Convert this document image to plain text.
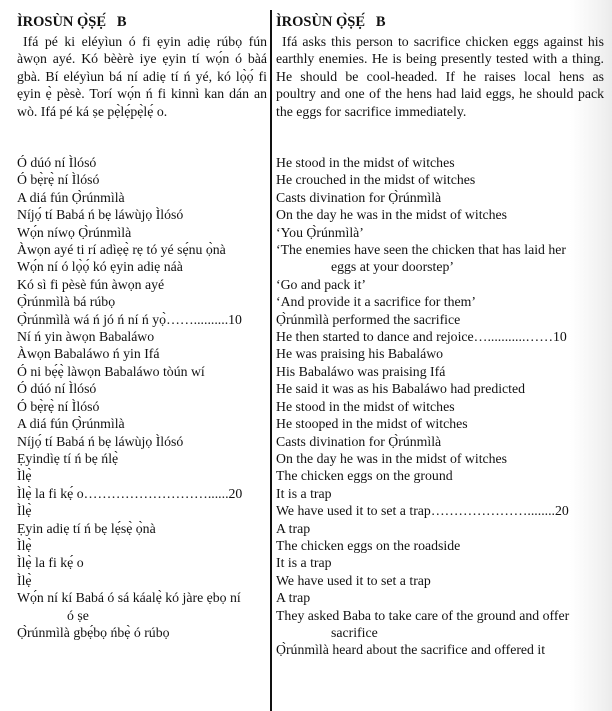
ÌROSÙN Ọ̀ṢẸ́   B
Ifá pé ki eléyìun ó fi ẹyin adiẹ rúbọ fún àwọn ayé. Kó bèèrè iye ẹyin tí wọ́n ó bàá gbà. Bí eléyìun bá ní adiẹ tí ń yé, kó lọ̀ọ́ fi ẹyin ẹ̀ pèsè. Torí wọ́n ń fi kinnì kan dán an wò. Ifá pé ká ṣe pẹ̀lẹ́pẹ̀lẹ́ o.
Ó dúó ní Ìlósó
Ó bẹ̀rẹ̀ ní Ìlósó
A diá fún Ọ̀rúnmìlà
Níjọ́ tí Babá ń bẹ láwùjọ Ìlósó
Wọ́n níwọ Ọ̀rúnmìlà
Àwọn ayé ti rí adìẹẹ̀ rẹ tó yé sẹ́nu ọ̀nà
Wọ́n ní ó lọ̀ọ́ kó ẹyin adiẹ náà
Kó sì fi pèsè fún àwọn ayé
Ọ̀rúnmìlà bá rúbọ
Ọ̀rúnmìlà wá ń jó ń ní ń yọ̀……..........10
Ní ń yin àwọn Babaláwo
Àwọn Babaláwo ń yin Ifá
Ó ni bẹ́ẹ̀ làwọn Babaláwo tòún wí
Ó dúó ní Ìlósó
Ó bẹ̀rẹ̀ ní Ìlósó
A diá fún Ọ̀rúnmìlà
Níjọ́ tí Babá ń bẹ láwùjọ Ìlósó
Ẹyindìẹ tí ń bẹ ńlẹ̀
Ìlẹ̀
Ìlẹ̀ la fi kẹ́ o………………………......20
Ìlẹ̀
Ẹyin adiẹ tí ń bẹ lẹ́sẹ̀ ọ̀nà
Ìlẹ̀
Ìlẹ̀ la fi kẹ́ o
Ìlẹ̀
Wọ́n ní kí Babá ó sá káalẹ̀ kó jàre ẹbọ ní
ó ṣe
Ọ̀rúnmìlà gbẹ́bọ ńbẹ̀ ó rúbọ
ÌROSÙN Ọ̀ṢẸ́   B
Ifá asks this person to sacrifice chicken eggs against his earthly enemies. He is being presently tested with a thing. He should be cool-headed. If he raises local hens as poultry and one of the hens had laid eggs, he should pack the eggs for sacrifice immediately.
He stood in the midst of witches
He crouched in the midst of witches
Casts divination for Ọ̀rúnmìlà
On the day he was in the midst of witches
‘You Ọ̀rúnmìlà’
‘The enemies have seen the chicken that has laid her
eggs at your doorstep’
‘Go and pack it’
‘And provide it a sacrifice for them’
Ọ̀rúnmìlà performed the sacrifice
He then started to dance and rejoice…...........……10
He was praising his Babaláwo
His Babaláwo was praising Ifá
He said it was as his Babaláwo had predicted
He stood in the midst of witches
He stooped in the midst of witches
Casts divination for Ọ̀rúnmìlà
On the day he was in the midst of witches
The chicken eggs on the ground
It is a trap
We have used it to set a trap…………………........20
A trap
The chicken eggs on the roadside
It is a trap
We have used it to set a trap
A trap
They asked Baba to take care of the ground and offer
sacrifice
Ọ̀rúnmìlà heard about the sacrifice and offered it
